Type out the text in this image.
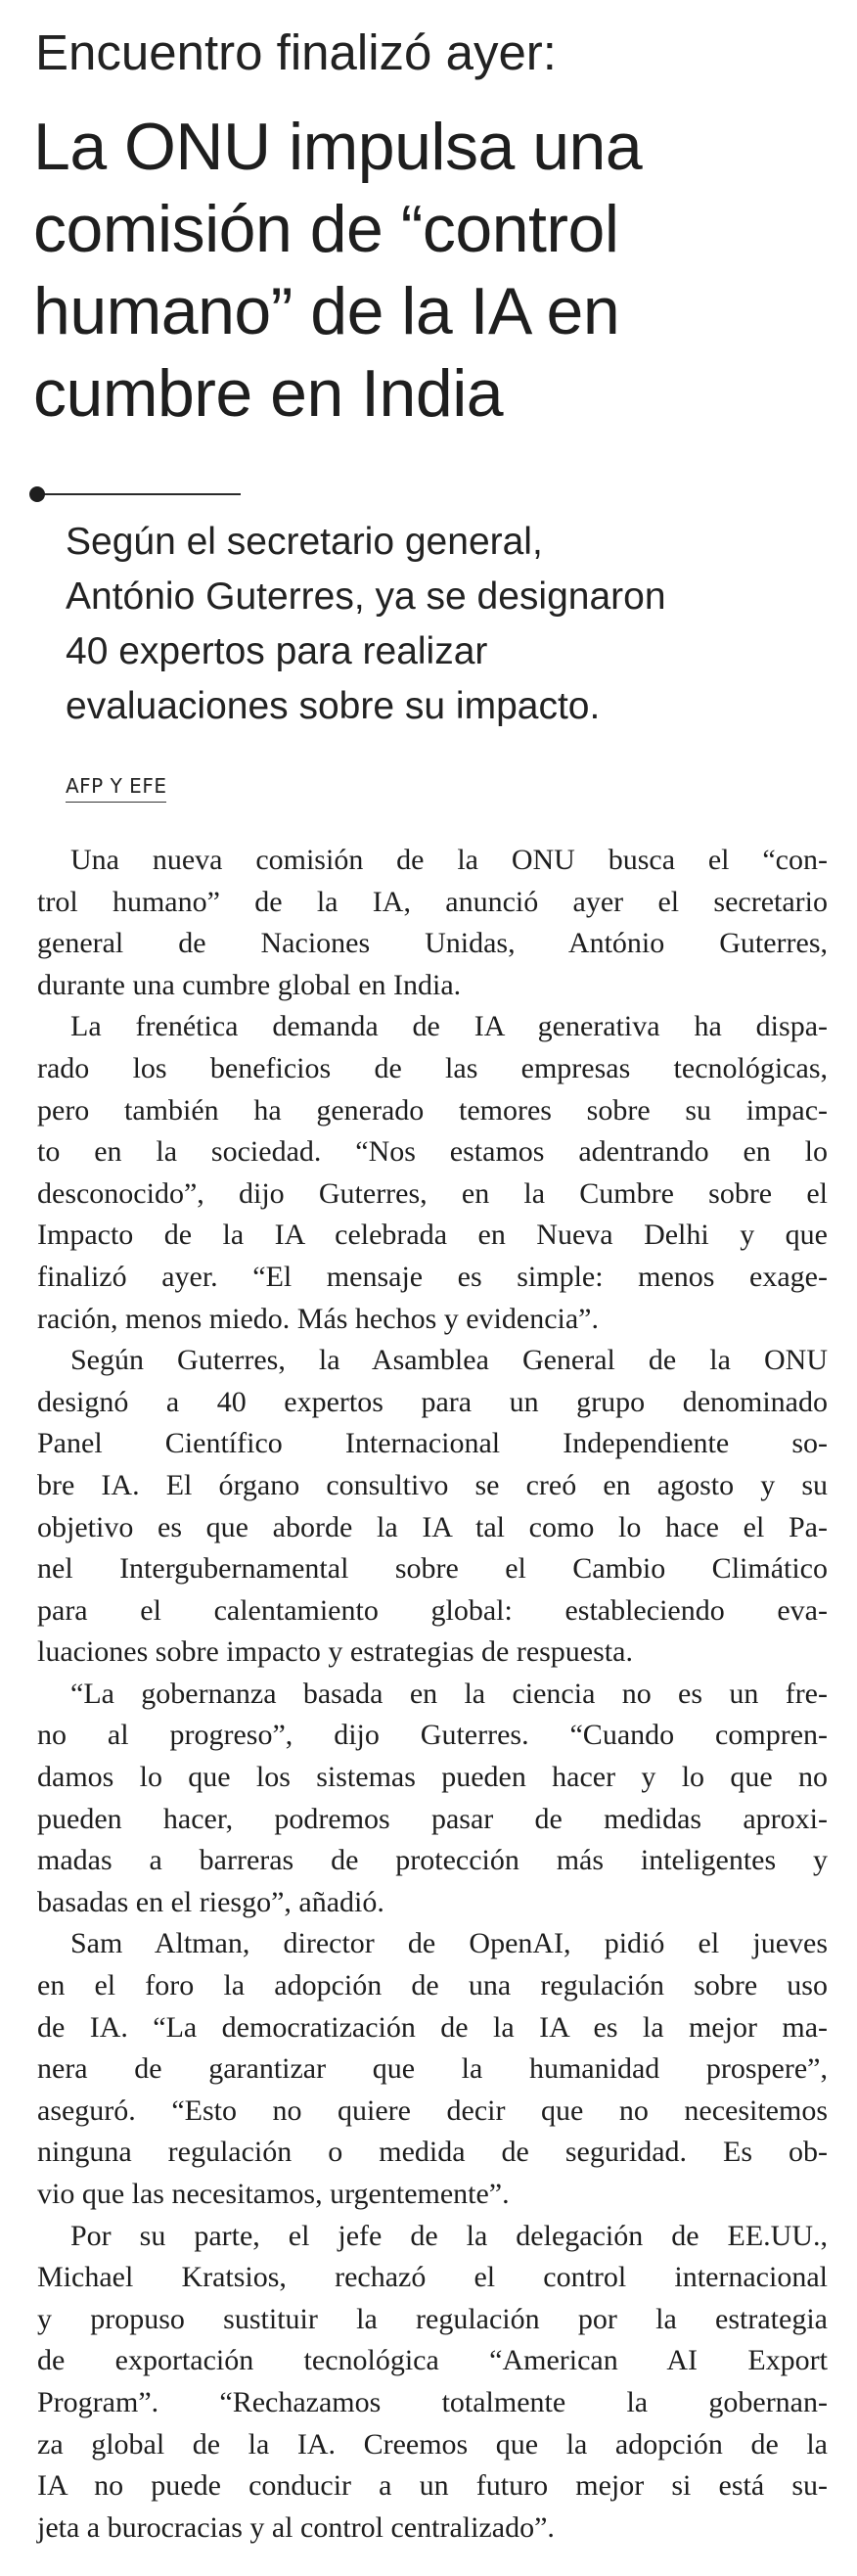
Encuentro finalizó ayer:
La ONU impulsa una
comisión de “control
humano” de la IA en
cumbre en India
Según el secretario general,
António Guterres, ya se designaron
40 expertos para realizar
evaluaciones sobre su impacto.
AFP Y EFE
Una nueva comisión de la ONU busca el “con-
trol humano” de la IA, anunció ayer el secretario
general de Naciones Unidas, António Guterres,
durante una cumbre global en India.
La frenética demanda de IA generativa ha dispa-
rado los beneficios de las empresas tecnológicas,
pero también ha generado temores sobre su impac-
to en la sociedad. “Nos estamos adentrando en lo
desconocido”, dijo Guterres, en la Cumbre sobre el
Impacto de la IA celebrada en Nueva Delhi y que
finalizó ayer. “El mensaje es simple: menos exage-
ración, menos miedo. Más hechos y evidencia”.
Según Guterres, la Asamblea General de la ONU
designó a 40 expertos para un grupo denominado
Panel Científico Internacional Independiente so-
bre IA. El órgano consultivo se creó en agosto y su
objetivo es que aborde la IA tal como lo hace el Pa-
nel Intergubernamental sobre el Cambio Climático
para el calentamiento global: estableciendo eva-
luaciones sobre impacto y estrategias de respuesta.
“La gobernanza basada en la ciencia no es un fre-
no al progreso”, dijo Guterres. “Cuando compren-
damos lo que los sistemas pueden hacer y lo que no
pueden hacer, podremos pasar de medidas aproxi-
madas a barreras de protección más inteligentes y
basadas en el riesgo”, añadió.
Sam Altman, director de OpenAI, pidió el jueves
en el foro la adopción de una regulación sobre uso
de IA. “La democratización de la IA es la mejor ma-
nera de garantizar que la humanidad prospere”,
aseguró. “Esto no quiere decir que no necesitemos
ninguna regulación o medida de seguridad. Es ob-
vio que las necesitamos, urgentemente”.
Por su parte, el jefe de la delegación de EE.UU.,
Michael Kratsios, rechazó el control internacional
y propuso sustituir la regulación por la estrategia
de exportación tecnológica “American AI Export
Program”. “Rechazamos totalmente la gobernan-
za global de la IA. Creemos que la adopción de la
IA no puede conducir a un futuro mejor si está su-
jeta a burocracias y al control centralizado”.
